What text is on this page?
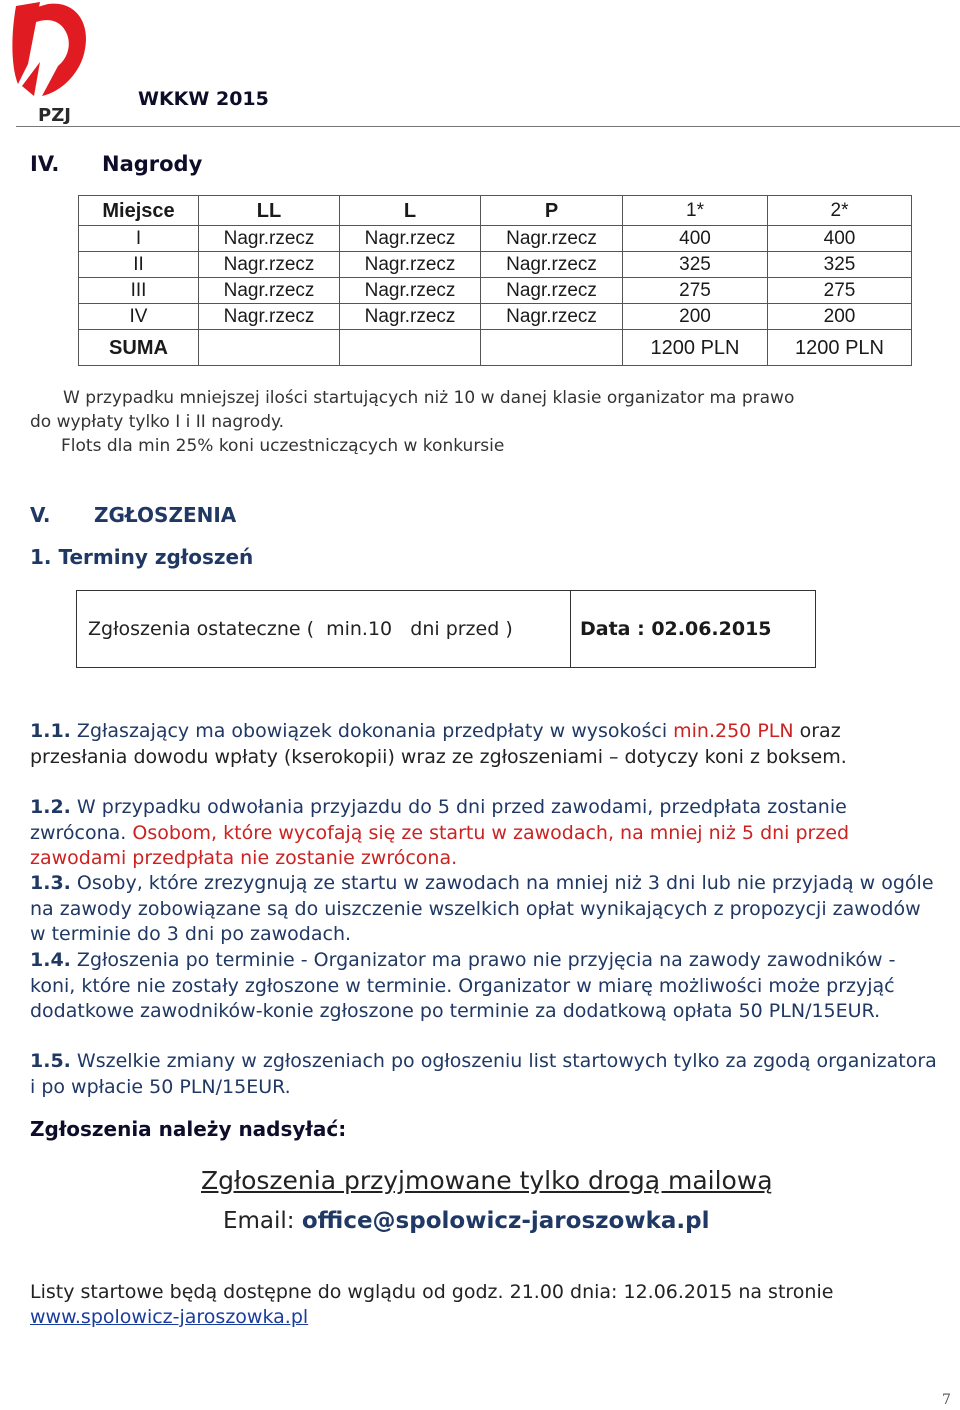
PZJ
WKKW 2015
IV. Nagrody
Miejsce	LL	L	P	1*	2*
I	Nagr.rzecz	Nagr.rzecz	Nagr.rzecz	400	400
II	Nagr.rzecz	Nagr.rzecz	Nagr.rzecz	325	325
III	Nagr.rzecz	Nagr.rzecz	Nagr.rzecz	275	275
IV	Nagr.rzecz	Nagr.rzecz	Nagr.rzecz	200	200
SUMA				1200 PLN	1200 PLN
W przypadku mniejszej ilości startujących niż 10 w danej klasie organizator ma prawo
do wypłaty tylko I i II nagrody.
Flots dla min 25% koni uczestniczących w konkursie
V. ZGŁOSZENIA
1. Terminy zgłoszeń
Zgłoszenia ostateczne (  min.10   dni przed )	Data : 02.06.2015
1.1. Zgłaszający ma obowiązek dokonania przedpłaty w wysokości min.250 PLN oraz przesłania dowodu wpłaty (kserokopii) wraz ze zgłoszeniami – dotyczy koni z boksem.
1.2. W przypadku odwołania przyjazdu do 5 dni przed zawodami, przedpłata zostanie zwrócona. Osobom, które wycofają się ze startu w zawodach, na mniej niż 5 dni przed zawodami przedpłata nie zostanie zwrócona.
1.3. Osoby, które zrezygnują ze startu w zawodach na mniej niż 3 dni lub nie przyjadą w ogóle na zawody zobowiązane są do uiszczenie wszelkich opłat wynikających z propozycji zawodów w terminie do 3 dni po zawodach.
1.4. Zgłoszenia po terminie - Organizator ma prawo nie przyjęcia na zawody zawodników - koni, które nie zostały zgłoszone w terminie. Organizator w miarę możliwości może przyjąć dodatkowe zawodników-konie zgłoszone po terminie za dodatkową opłata 50 PLN/15EUR.
1.5. Wszelkie zmiany w zgłoszeniach po ogłoszeniu list startowych tylko za zgodą organizatora i po wpłacie 50 PLN/15EUR.
Zgłoszenia należy nadsyłać:
Zgłoszenia przyjmowane tylko drogą mailową
Email: office@spolowicz-jaroszowka.pl
Listy startowe będą dostępne do wglądu od godz. 21.00 dnia: 12.06.2015 na stronie
www.spolowicz-jaroszowka.pl
7
